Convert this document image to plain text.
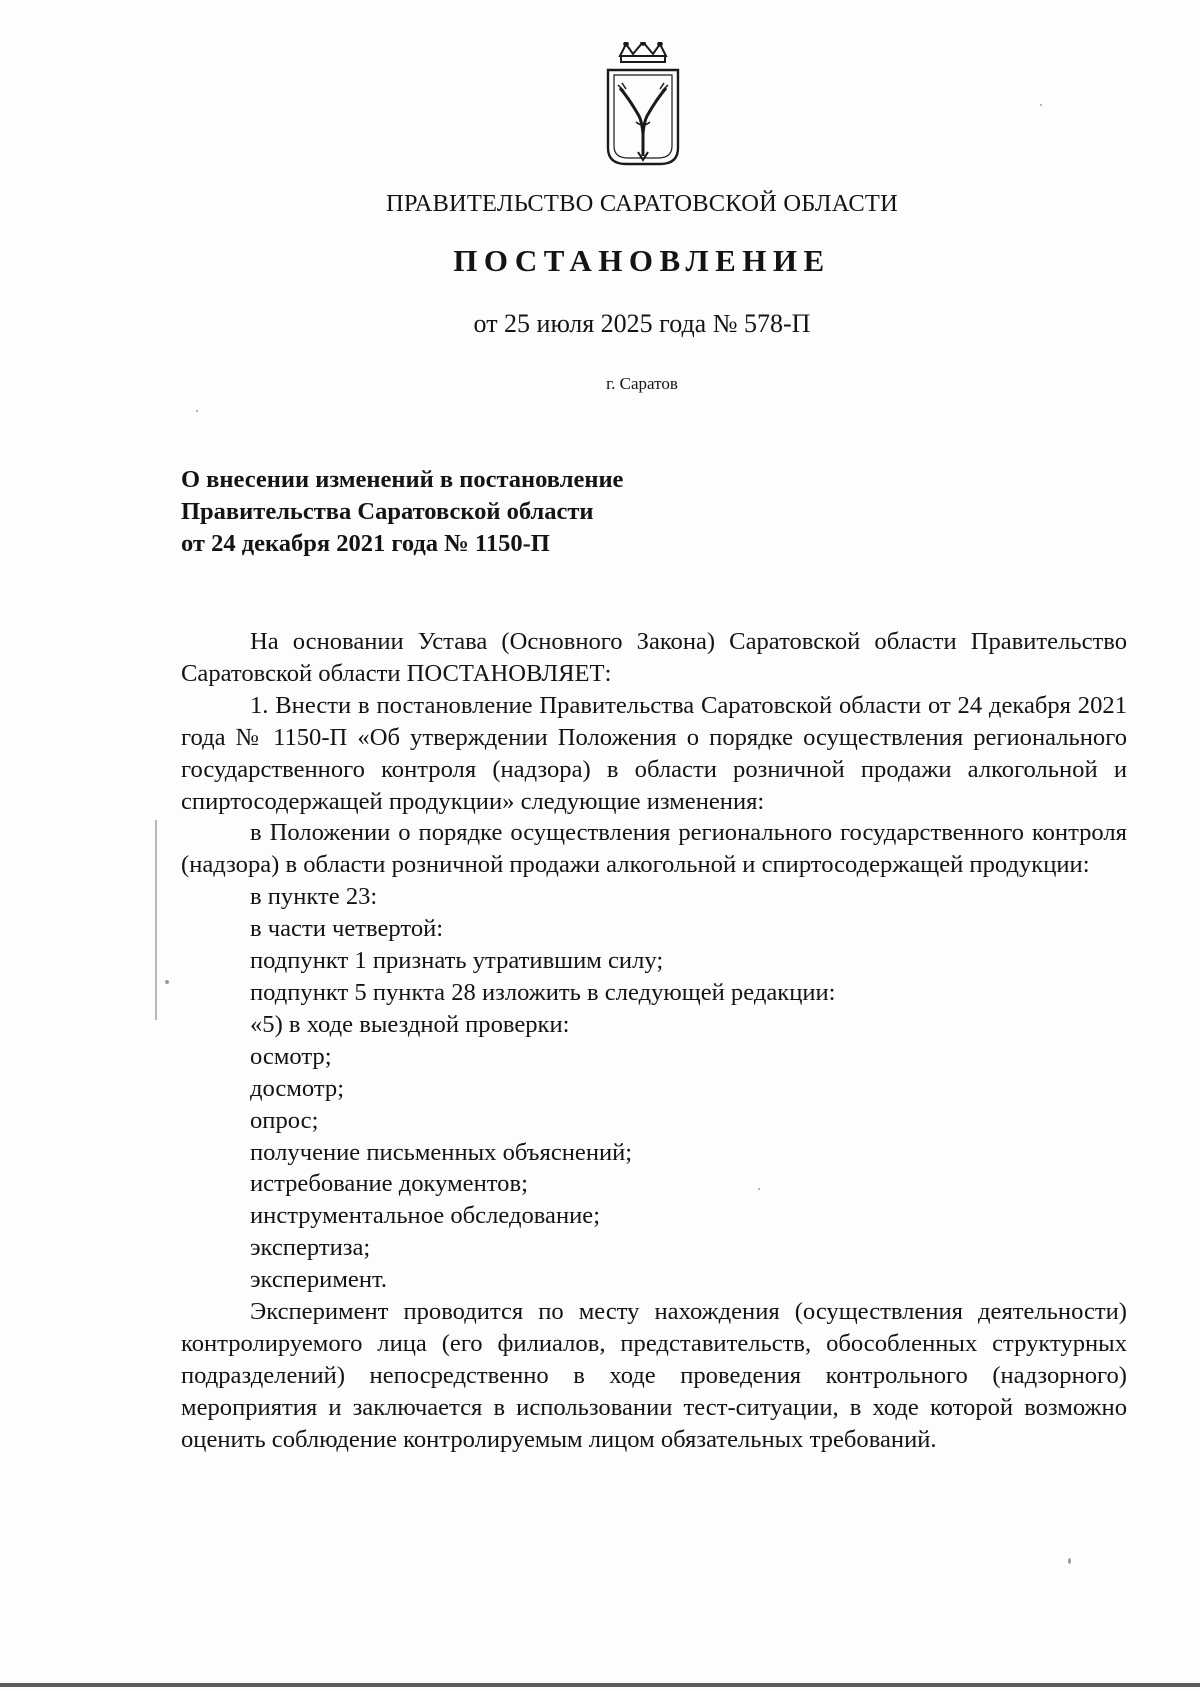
ПРАВИТЕЛЬСТВО САРАТОВСКОЙ ОБЛАСТИ
ПОСТАНОВЛЕНИЕ
от 25 июля 2025 года № 578-П
г. Саратов
О внесении изменений в постановление
Правительства Саратовской области
от 24 декабря 2021 года № 1150-П

На основании Устава (Основного Закона) Саратовской области Правительство Саратовской области ПОСТАНОВЛЯЕТ:

1. Внести в постановление Правительства Саратовской области от 24 декабря 2021 года № 1150-П «Об утверждении Положения о порядке осуществления регионального государственного контроля (надзора) в области розничной продажи алкогольной и спиртосодержащей продукции» следующие изменения:

в Положении о порядке осуществления регионального государственного контроля (надзора) в области розничной продажи алкогольной и спиртосодержащей продукции:

в пункте 23:

в части четвертой:

подпункт 1 признать утратившим силу;

подпункт 5 пункта 28 изложить в следующей редакции:

«5) в ходе выездной проверки:

осмотр;

досмотр;

опрос;

получение письменных объяснений;

истребование документов;

инструментальное обследование;

экспертиза;

эксперимент.

Эксперимент проводится по месту нахождения (осуществления деятельности) контролируемого лица (его филиалов, представительств, обособленных структурных подразделений) непосредственно в ходе проведения контрольного (надзорного) мероприятия и заключается в использовании тест-ситуации, в ходе которой возможно оценить соблюдение контролируемым лицом обязательных требований.
